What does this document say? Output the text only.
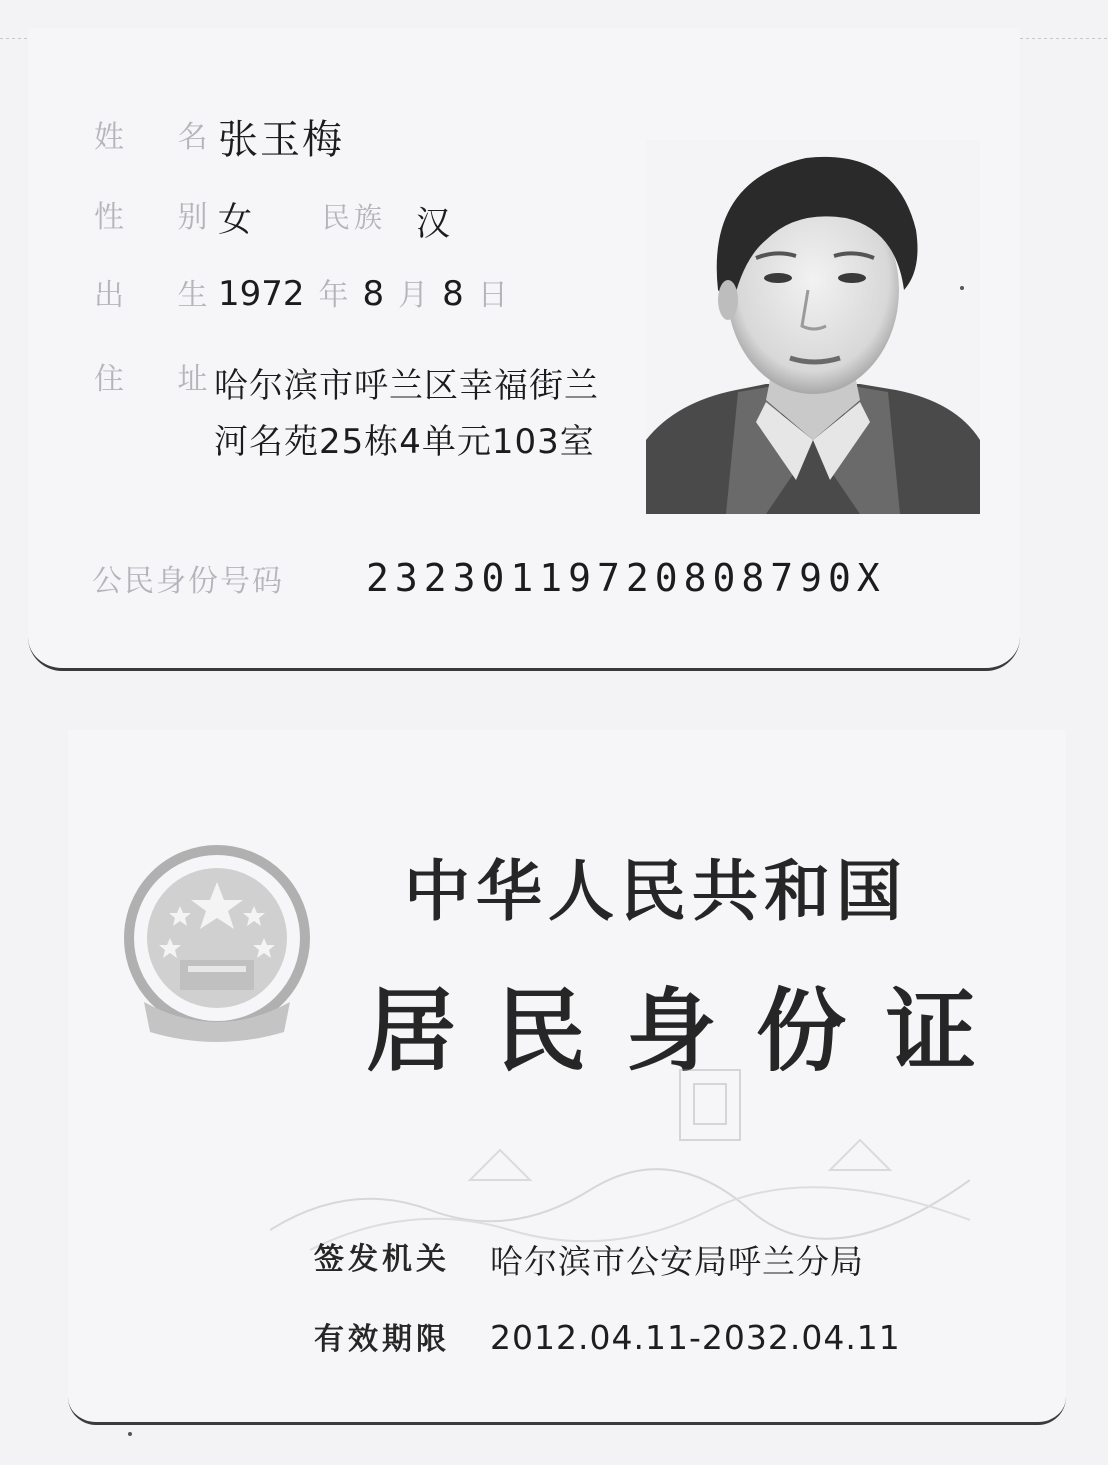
姓 名
张玉梅
性 别
女	民族 汉
出 生
1972 年 8 月 8 日
住 址
哈尔滨市呼兰区幸福街兰
河名苑25栋4单元103室
公民身份号码 23230119720808790X
中华人民共和国
居民身份证
签发机关 哈尔滨市公安局呼兰分局
有效期限 2012.04.11-2032.04.11
